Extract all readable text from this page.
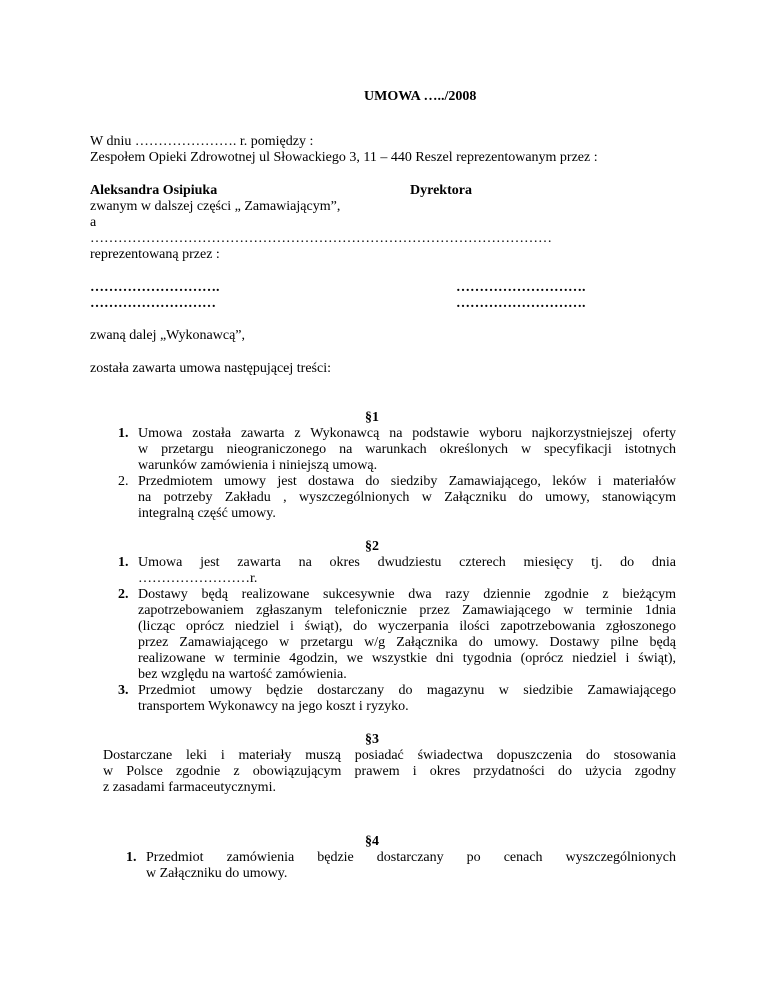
UMOWA …../2008
W dniu …………………. r. pomiędzy :
Zespołem Opieki Zdrowotnej ul Słowackiego 3, 11 – 440 Reszel reprezentowanym przez :
Aleksandra Osipiuka	Dyrektora
zwanym w dalszej części „ Zamawiającym”,
a
………………………………………………………………………………………
reprezentowaną przez :
……………………….
………………………
……………………….
……………………….
zwaną dalej „Wykonawcą”,
została zawarta umowa następującej treści:
§1
1. Umowa została zawarta z Wykonawcą na podstawie wyboru najkorzystniejszej oferty
w przetargu nieograniczonego na warunkach określonych w specyfikacji istotnych
warunków zamówienia i niniejszą umową.
2. Przedmiotem umowy jest dostawa do siedziby Zamawiającego, leków i materiałów
na potrzeby Zakładu , wyszczególnionych w Załączniku do umowy, stanowiącym
integralną część umowy.
§2
1. Umowa jest zawarta na okres dwudziestu czterech miesięcy tj. do dnia
……………………r.
2. Dostawy będą realizowane sukcesywnie dwa razy dziennie zgodnie z bieżącym
zapotrzebowaniem zgłaszanym telefonicznie przez Zamawiającego w terminie 1dnia
(licząc oprócz niedziel i świąt), do wyczerpania ilości zapotrzebowania zgłoszonego
przez Zamawiającego w przetargu w/g Załącznika do umowy. Dostawy pilne będą
realizowane w terminie 4godzin, we wszystkie dni tygodnia (oprócz niedziel i świąt),
bez względu na wartość zamówienia.
3. Przedmiot umowy będzie dostarczany do magazynu w siedzibie Zamawiającego
transportem Wykonawcy na jego koszt i ryzyko.
§3
Dostarczane leki i materiały muszą posiadać świadectwa dopuszczenia do stosowania
w Polsce zgodnie z obowiązującym prawem i okres przydatności do użycia zgodny
z zasadami farmaceutycznymi.
§4
1. Przedmiot zamówienia będzie dostarczany po cenach wyszczególnionych
w Załączniku do umowy.
